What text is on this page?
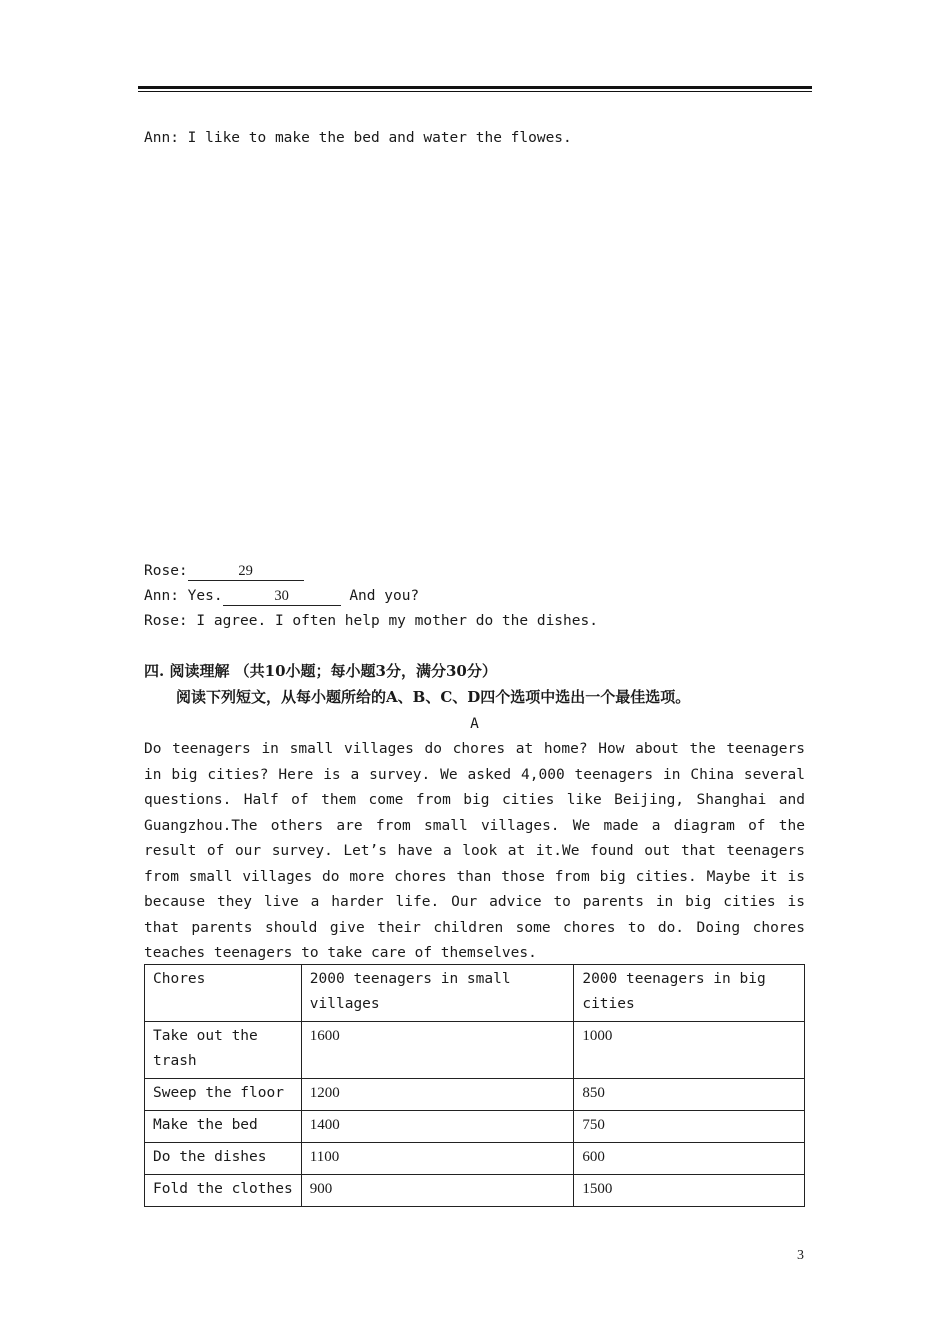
Ann: I like to make the bed and water the flowes.
Rose:	29
Ann: Yes.	30	And you?
Rose: I agree. I often help my mother do the dishes.
四. 阅读理解 （共10小题；每小题3分，满分30分）
阅读下列短文，从每小题所给的A、B、C、D四个选项中选出一个最佳选项。
A

Do teenagers in small villages do chores at home? How about the teenagers in big cities? Here is a survey. We asked 4,000 teenagers in China several questions. Half of them come from big cities like Beijing, Shanghai and Guangzhou.The others are from small villages. We made a diagram of the result of our survey. Let’s have a look at it.We found out that teenagers from small villages do more chores than those from big cities. Maybe it is because they live a harder life. Our advice to parents in big cities is that parents should give their children some chores to do. Doing chores teaches teenagers to take care of themselves.

Chores	2000 teenagers in small villages	2000 teenagers in big cities
Take out the trash	1600	1000
Sweep the floor	1200	850
Make the bed	1400	750
Do the dishes	1100	600
Fold the clothes	900	1500
3
